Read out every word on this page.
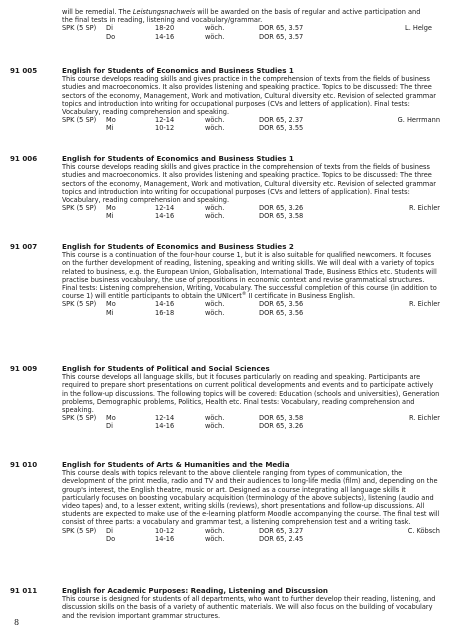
will be remedial. The Leistungsnachweis will be awarded on the basis of regular and active participation and the final tests in reading, listening and vocabulary/grammar.

SPK (5 SP) Di	18-20	wöch.	DOR 65, 3.57	L. Helge
Do	14-16	wöch.	DOR 65, 3.57
91 005	English for Students of Economics and Business Studies 1

This course develops reading skills and gives practice in the comprehension of texts from the fields of business studies and macroeconomics. It also provides listening and speaking practice. Topics to be discussed: The three sectors of the economy, Management, Work and motivation, Cultural diversity etc. Revision of selected grammar topics and introduction into writing for occupational purposes (CVs and letters of application). Final tests: Vocabulary, reading comprehension and speaking.

SPK (5 SP) Mo	12-14	wöch.	DOR 65, 2.37	G. Herrmann
Mi	10-12	wöch.	DOR 65, 3.55
91 006	English for Students of Economics and Business Studies 1

This course develops reading skills and gives practice in the comprehension of texts from the fields of business studies and macroeconomics. It also provides listening and speaking practice. Topics to be discussed: The three sectors of the economy, Management, Work and motivation, Cultural diversity etc. Revision of selected grammar topics and introduction into writing for occupational purposes (CVs and letters of application). Final tests: Vocabulary, reading comprehension and speaking.

SPK (5 SP) Mo	12-14	wöch.	DOR 65, 3.26	R. Eichler
Mi	14-16	wöch.	DOR 65, 3.58
91 007	English for Students of Economics and Business Studies 2

This course is a continuation of the four-hour course 1, but it is also suitable for qualified newcomers. It focuses on the further development of reading, listening, speaking and writing skills. We will deal with a variety of topics related to business, e.g. the European Union, Globalisation, International Trade, Business Ethics etc. Students will practise business vocabulary, the use of prepositions in economic context and revise grammatical structures. Final tests: Listening comprehension, Writing, Vocabulary. The successful completion of this course (in addition to course 1) will entitle participants to obtain the UNIcert® II certificate in Business English.

SPK (5 SP) Mo	14-16	wöch.	DOR 65, 3.56	R. Eichler
Mi	16-18	wöch.	DOR 65, 3.56
91 009	English for Students of Political and Social Sciences

This course develops all language skills, but it focuses particularly on reading and speaking. Participants are required to prepare short presentations on current political developments and events and to participate actively in the follow-up discussions. The following topics will be covered: Education (schools and universities), Generation problems, Demographic problems, Politics, Health etc. Final tests: Vocabulary, reading comprehension and speaking.

SPK (5 SP) Mo	12-14	wöch.	DOR 65, 3.58	R. Eichler
Di	14-16	wöch.	DOR 65, 3.26
91 010	English for Students of Arts & Humanities and the Media

This course deals with topics relevant to the above clientele ranging from types of communication, the development of the print media, radio and TV and their audiences to long-life media (film) and, depending on the group's interest, the English theatre, music or art. Designed as a course integrating all language skills it particularly focuses on boosting vocabulary acquisition (terminology of the above subjects), listening (audio and video tapes) and, to a lesser extent, writing skills (reviews), short presentations and follow-up discussions. All students are expected to make use of the e-learning platform Moodle accompanying the course. The final test will consist of three parts: a vocabulary and grammar test, a listening comprehension test and a writing task.

SPK (5 SP) Di	10-12	wöch.	DOR 65, 3.27	C. Köbsch
Do	14-16	wöch.	DOR 65, 2.45
91 011	English for Academic Purposes: Reading, Listening and Discussion

This course is designed for students of all departments, who want to further develop their reading, listening, and discussion skills on the basis of a variety of authentic materials. We will also focus on the building of vocabulary and the revision important grammar structures.

8
